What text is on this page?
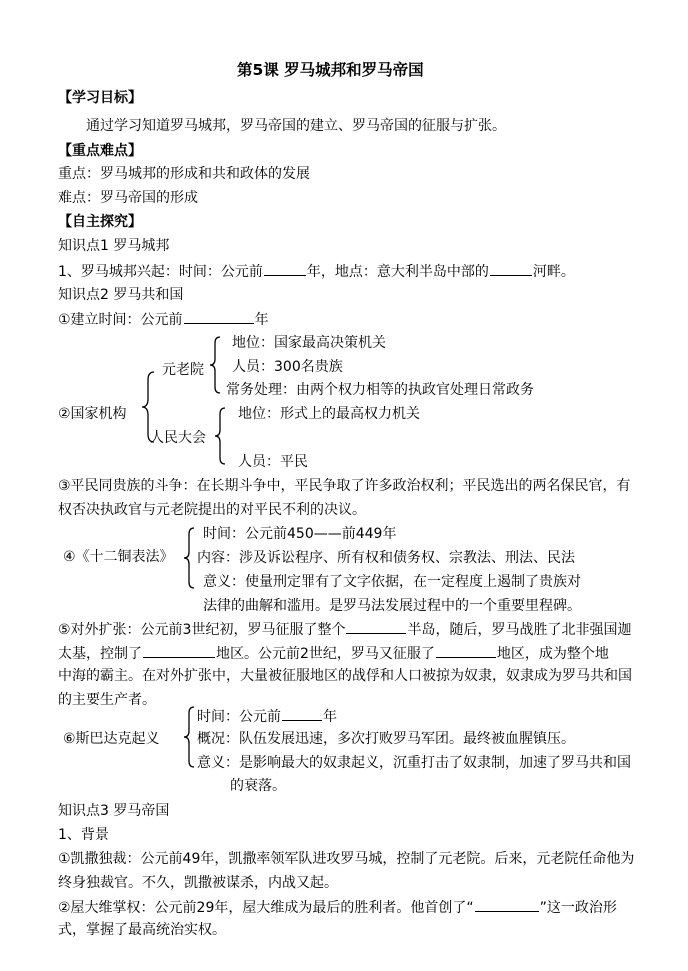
第5课 罗马城邦和罗马帝国
【学习目标】
通过学习知道罗马城邦，罗马帝国的建立、罗马帝国的征服与扩张。
【重点难点】
重点：罗马城邦的形成和共和政体的发展
难点：罗马帝国的形成
【自主探究】
知识点1 罗马城邦
1、罗马城邦兴起：时间：公元前	年，地点：意大利半岛中部的	河畔。
知识点2 罗马共和国
①建立时间：公元前	年
②国家机构
元老院
地位：国家最高决策机关
人员：300名贵族
常务处理：由两个权力相等的执政官处理日常政务
人民大会
地位：形式上的最高权力机关
人员：平民
③平民同贵族的斗争：在长期斗争中，平民争取了许多政治权利；平民选出的两名保民官，有
权否决执政官与元老院提出的对平民不利的决议。
④《十二铜表法》
时间：公元前450——前449年
内容：涉及诉讼程序、所有权和债务权、宗教法、刑法、民法
意义：使量刑定罪有了文字依据，在一定程度上遏制了贵族对
法律的曲解和滥用。是罗马法发展过程中的一个重要里程碑。
⑤对外扩张：公元前3世纪初，罗马征服了整个	半岛，随后，罗马战胜了北非强国迦
太基，控制了	地区。公元前2世纪，罗马又征服了	地区，成为整个地
中海的霸主。在对外扩张中，大量被征服地区的战俘和人口被掠为奴隶，奴隶成为罗马共和国
的主要生产者。
⑥斯巴达克起义
时间：公元前	年
概况：队伍发展迅速，多次打败罗马军团。最终被血腥镇压。
意义：是影响最大的奴隶起义，沉重打击了奴隶制，加速了罗马共和国
的衰落。
知识点3 罗马帝国
1、背景
①凯撒独裁：公元前49年，凯撒率领军队进攻罗马城，控制了元老院。后来，元老院任命他为
终身独裁官。不久，凯撒被谋杀，内战又起。
②屋大维掌权：公元前29年，屋大维成为最后的胜利者。他首创了“	”这一政治形
式，掌握了最高统治实权。
